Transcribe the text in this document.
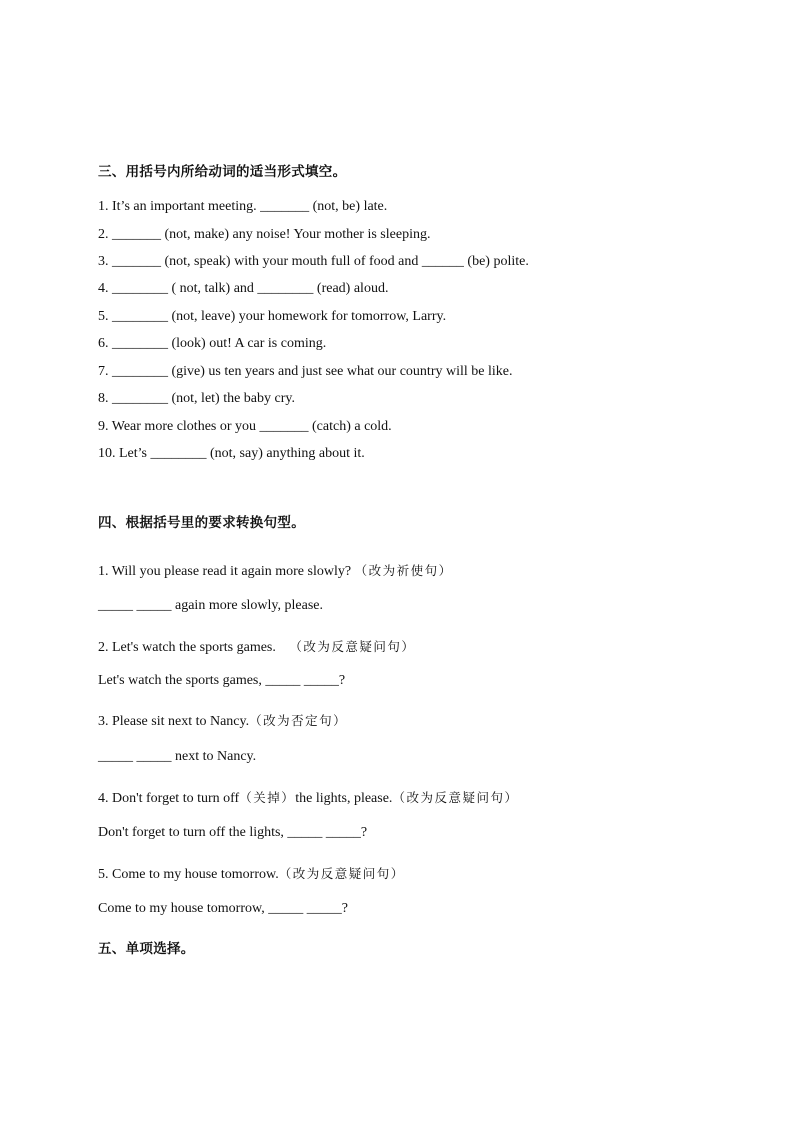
三、用括号内所给动词的适当形式填空。
1. It’s an important meeting. _______ (not, be) late.
2. _______ (not, make) any noise! Your mother is sleeping.
3. _______ (not, speak) with your mouth full of food and ______ (be) polite.
4. ________ ( not, talk) and ________ (read) aloud.
5. ________ (not, leave) your homework for tomorrow, Larry.
6. ________ (look) out! A car is coming.
7. ________ (give) us ten years and just see what our country will be like.
8. ________ (not, let) the baby cry.
9. Wear more clothes or you _______ (catch) a cold.
10. Let’s ________ (not, say) anything about it.
四、根据括号里的要求转换句型。
1. Will you please read it again more slowly? （改为祈使句）
_____ _____ again more slowly, please.
2. Let's watch the sports games. （改为反意疑问句）
Let's watch the sports games, _____ _____?
3. Please sit next to Nancy.（改为否定句）
_____ _____ next to Nancy.
4. Don't forget to turn off（关掉）the lights, please.（改为反意疑问句）
Don't forget to turn off the lights, _____ _____?
5. Come to my house tomorrow.（改为反意疑问句）
Come to my house tomorrow, _____ _____?
五、单项选择。
